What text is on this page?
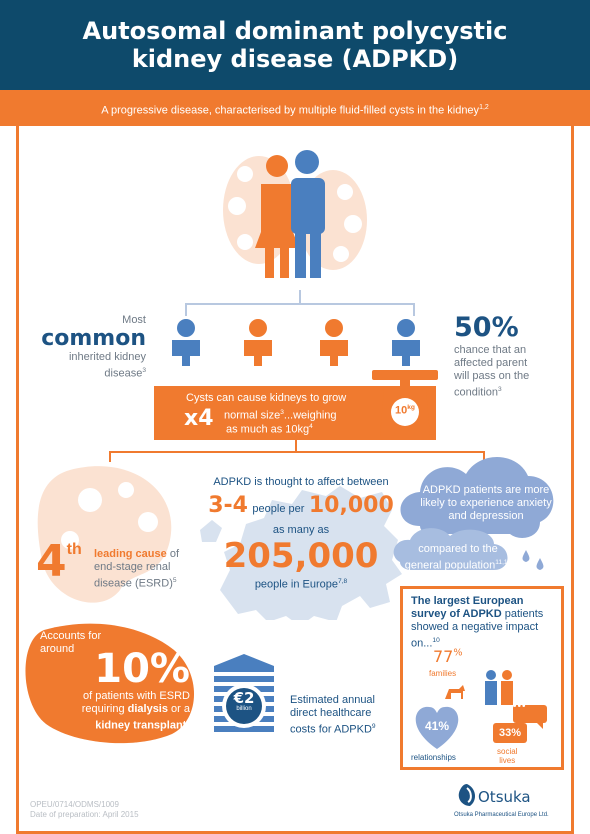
Autosomal dominant polycystic
kidney disease (ADPKD)
A progressive disease, characterised by multiple fluid-filled cysts in the kidney$^{1,2}$
Most
common
inherited kidney
disease$^3$
50%
chance that an
affected parent
will pass on the
condition$^3$
Cysts can cause kidneys to grow
x4 normal size$^3$...weighing
as much as $10kg^4$
$10^{kg}$
ADPKD is thought to affect between
3-4 people per 10,000
as many as
205,000
people in Europe$^{7,8}$
4th leading cause of
end-stage renal
disease (ESRD)$^5$
ADPKD patients are more
likely to experience anxiety
and depression
compared to the
general population$^{11,12}$
Accounts for
around 10%
of patients with ESRD
requiring dialysis or a
kidney transplant$^6$
€2
billion
Estimated annual
direct healthcare
costs for ADPKD$^9$
The largest European
survey of ADPKD patients
showed a negative impact
on...$^{10}$
77%
families
41%
relationships
•••
33%
social
lives
OPEU/0714/ODMS/1009
Date of preparation: April 2015
Otsuka
Otsuka Pharmaceutical Europe Ltd.
